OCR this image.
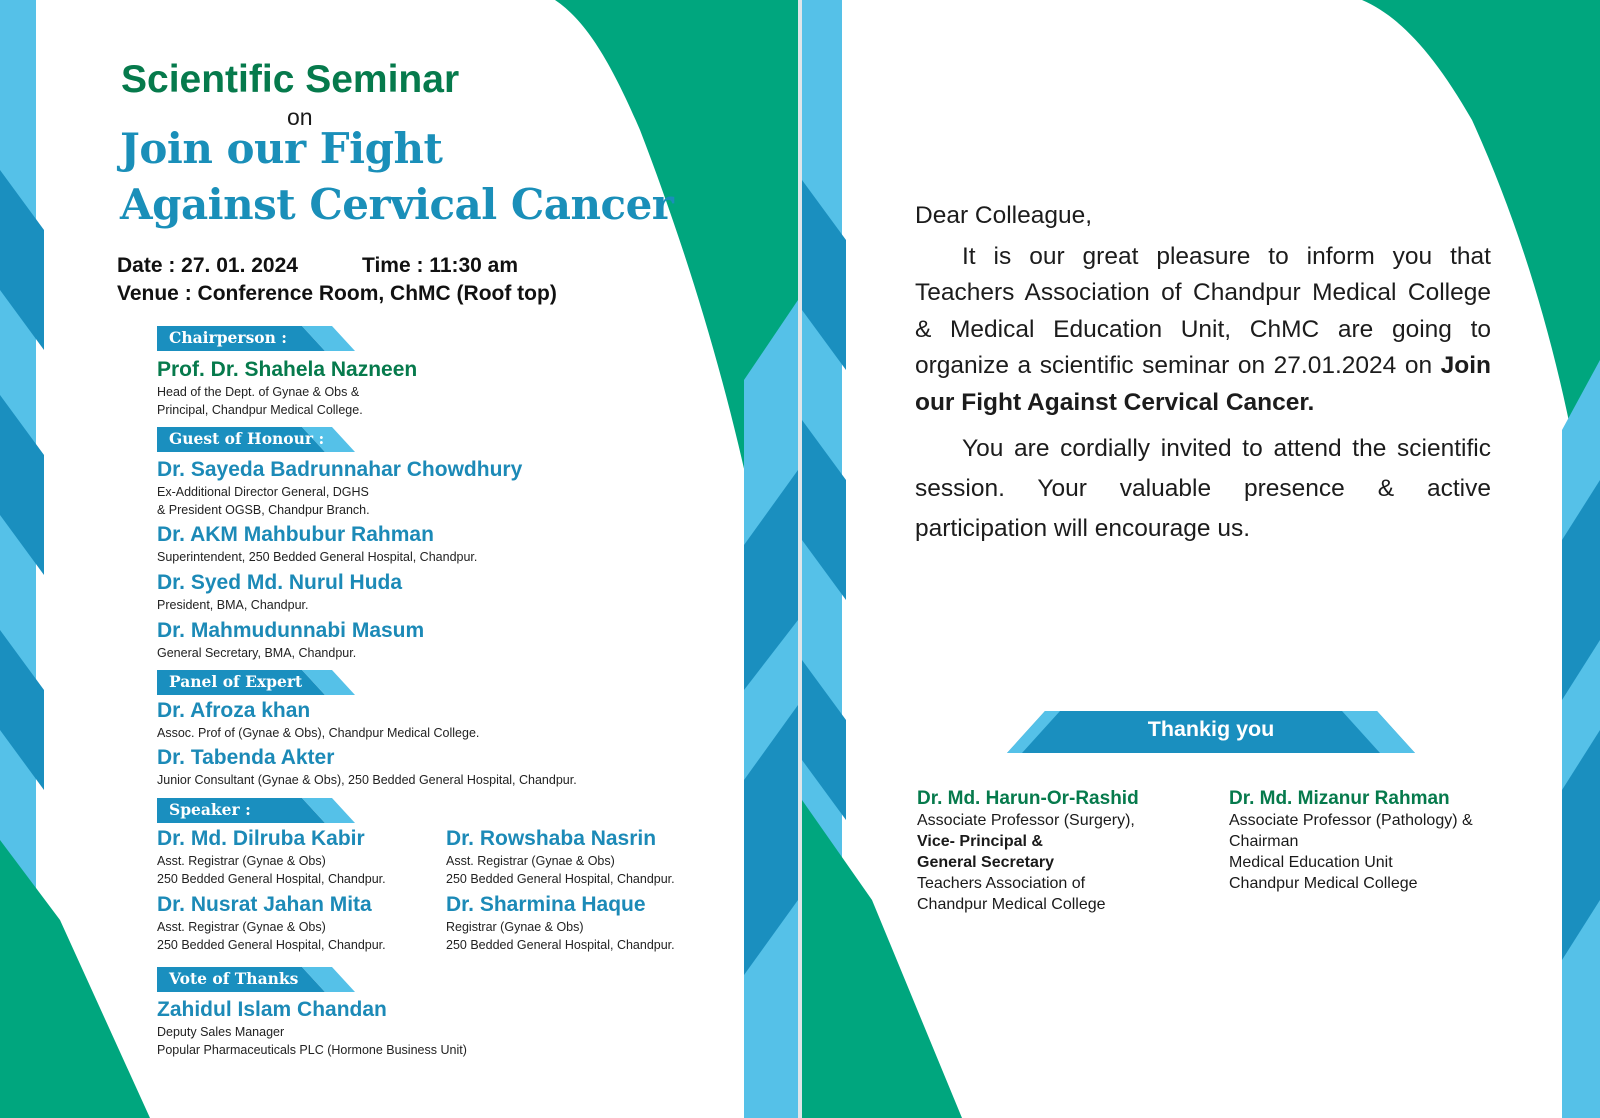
Scientific Seminar
on
Join our Fight
Against Cervical Cancer
Date : 27. 01. 2024	Time : 11:30 am
Venue : Conference Room, ChMC (Roof top)
Chairperson :
Prof. Dr. Shahela Nazneen
Head of the Dept. of Gynae & Obs &
Principal, Chandpur Medical College.
Guest of Honour :
Dr. Sayeda Badrunnahar Chowdhury
Ex-Additional Director General, DGHS
& President OGSB, Chandpur Branch.
Dr. AKM Mahbubur Rahman
Superintendent, 250 Bedded General Hospital, Chandpur.
Dr. Syed Md. Nurul Huda
President, BMA, Chandpur.
Dr. Mahmudunnabi Masum
General Secretary, BMA, Chandpur.
Panel of Expert
Dr. Afroza khan
Assoc. Prof of (Gynae & Obs), Chandpur Medical College.
Dr. Tabenda Akter
Junior Consultant (Gynae & Obs), 250 Bedded General Hospital, Chandpur.
Speaker :
Dr. Md. Dilruba Kabir
Asst. Registrar (Gynae & Obs)
250 Bedded General Hospital, Chandpur.
Dr. Rowshaba Nasrin
Asst. Registrar (Gynae & Obs)
250 Bedded General Hospital, Chandpur.
Dr. Nusrat Jahan Mita
Asst. Registrar (Gynae & Obs)
250 Bedded General Hospital, Chandpur.
Dr. Sharmina Haque
Registrar (Gynae & Obs)
250 Bedded General Hospital, Chandpur.
Vote of Thanks
Zahidul Islam Chandan
Deputy Sales Manager
Popular Pharmaceuticals PLC (Hormone Business Unit)

Dear Colleague,

It is our great pleasure to inform you that Teachers Association of Chandpur Medical College & Medical Education Unit, ChMC are going to organize a scientific seminar on 27.01.2024 on Join our Fight Against Cervical Cancer.

You are cordially invited to attend the scientific session. Your valuable presence & active participation will encourage us.

Thankig you
Dr. Md. Harun-Or-Rashid
Associate Professor (Surgery),
Vice- Principal &
General Secretary
Teachers Association of
Chandpur Medical College
Dr. Md. Mizanur Rahman
Associate Professor (Pathology) &
Chairman
Medical Education Unit
Chandpur Medical College
